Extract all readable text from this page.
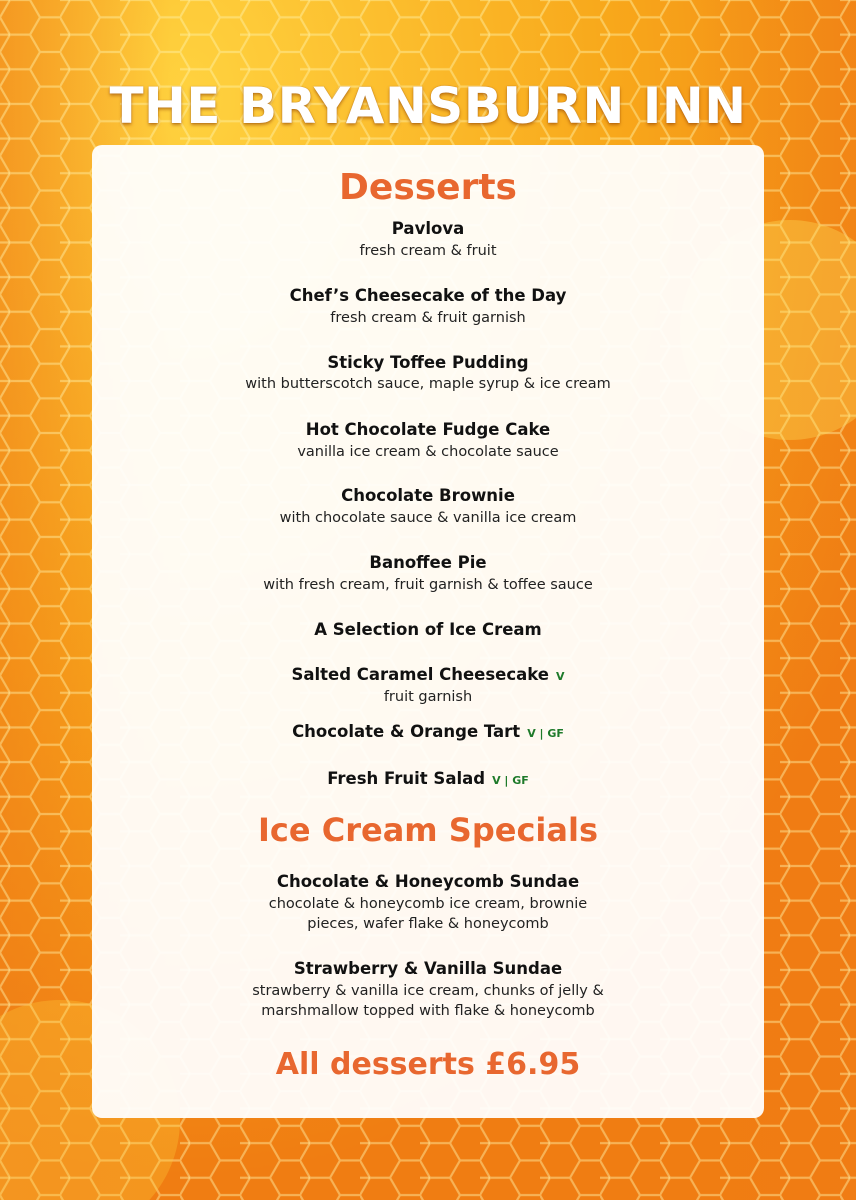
THE BRYANSBURN INN
Desserts
Pavlova
fresh cream & fruit
Chef’s Cheesecake of the Day
fresh cream & fruit garnish
Sticky Toffee Pudding
with butterscotch sauce, maple syrup & ice cream
Hot Chocolate Fudge Cake
vanilla ice cream & chocolate sauce
Chocolate Brownie
with chocolate sauce & vanilla ice cream
Banoffee Pie
with fresh cream, fruit garnish & toffee sauce
A Selection of Ice Cream
Salted Caramel Cheesecake V
fruit garnish
Chocolate & Orange Tart V | GF
Fresh Fruit Salad V | GF
Ice Cream Specials
Chocolate & Honeycomb Sundae
chocolate & honeycomb ice cream, brownie
pieces, wafer flake & honeycomb
Strawberry & Vanilla Sundae
strawberry & vanilla ice cream, chunks of jelly &
marshmallow topped with flake & honeycomb
All desserts £6.95
